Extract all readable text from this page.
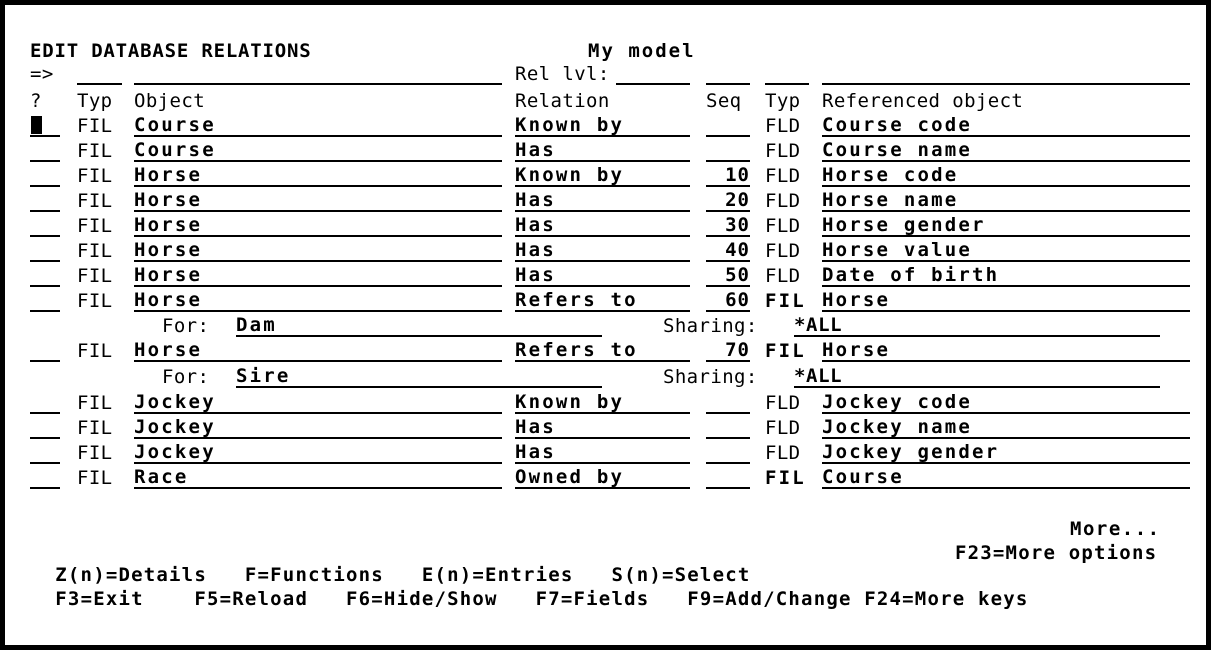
EDIT DATABASE RELATIONS	My model
=>	Rel lvl:
? Typ Object	Relation	Seq Typ Referenced object
FIL Course	Known by	FLD Course code
FIL Course	Has	FLD Course name
FIL Horse	Known by	10 FLD Horse code
FIL Horse	Has	20 FLD Horse name
FIL Horse	Has	30 FLD Horse gender
FIL Horse	Has	40 FLD Horse value
FIL Horse	Has	50 FLD Date of birth
FIL Horse	Refers to	60 FIL Horse
For: Dam	Sharing: *ALL
FIL Horse	Refers to	70 FIL Horse
For: Sire	Sharing: *ALL
FIL Jockey	Known by	FLD Jockey code
FIL Jockey	Has	FLD Jockey name
FIL Jockey	Has	FLD Jockey gender
FIL Race	Owned by	FIL Course
More...

Z(n)=Details F=Functions E(n)=Entries S(n)=Select

F23=More options

F3=Exit	F5=Reload F6=Hide/Show F7=Fields F9=Add/Change F24=More keys
